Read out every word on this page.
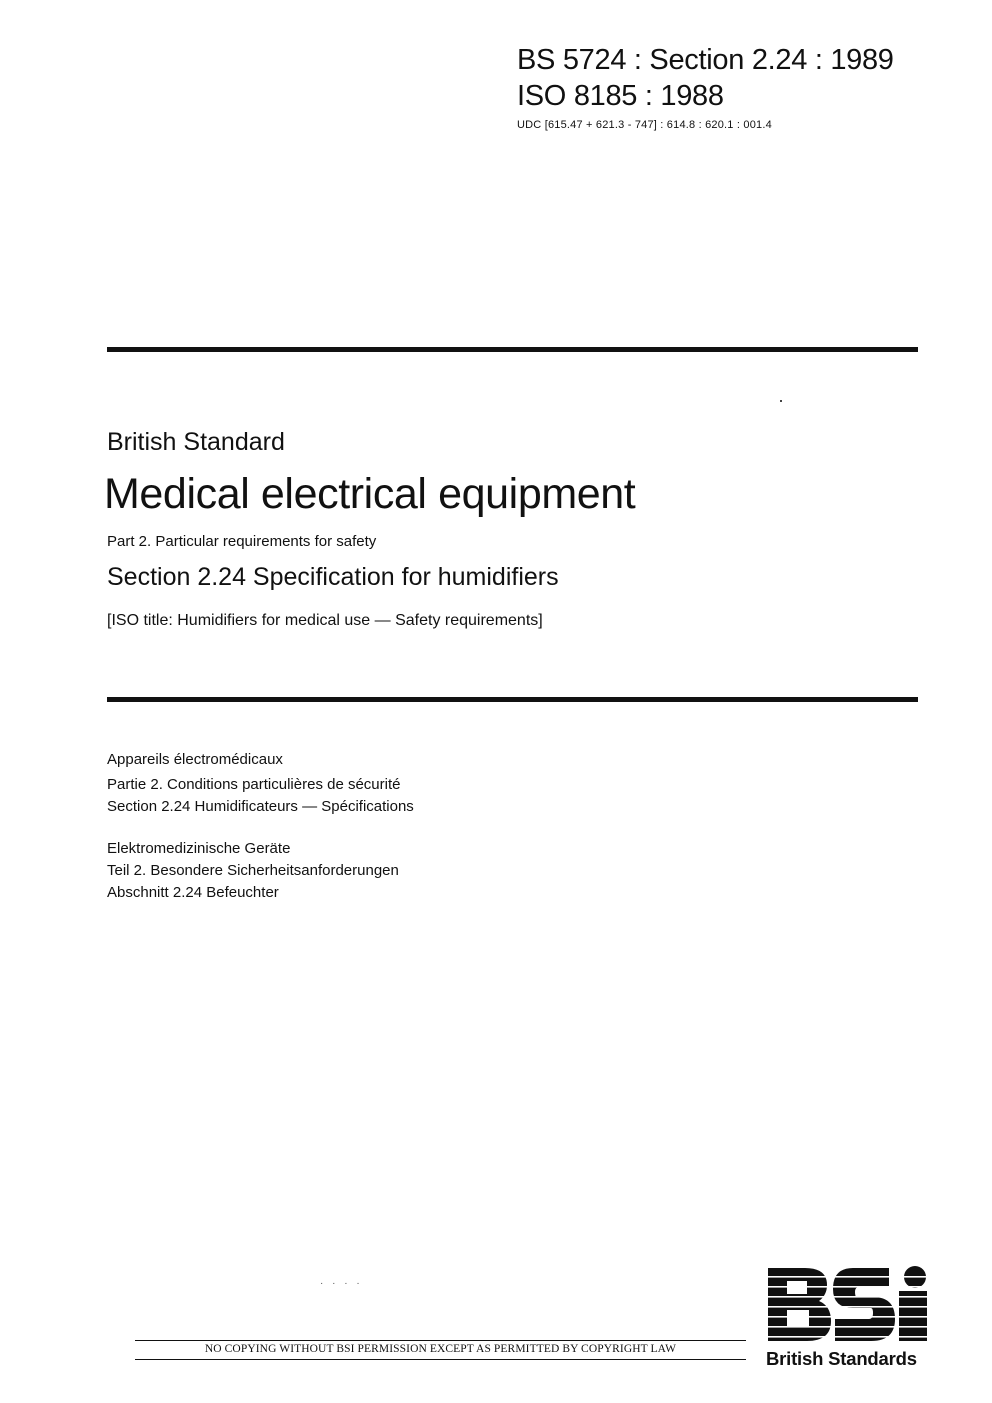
BS 5724 : Section 2.24 : 1989
ISO 8185 : 1988
UDC [615.47 + 621.3 - 747] : 614.8 : 620.1 : 001.4
British Standard
Medical electrical equipment
Part 2. Particular requirements for safety
Section 2.24 Specification for humidifiers
[ISO title: Humidifiers for medical use — Safety requirements]
Appareils électromédicaux
Partie 2. Conditions particulières de sécurité
Section 2.24 Humidificateurs — Spécifications
Elektromedizinische Geräte
Teil 2. Besondere Sicherheitsanforderungen
Abschnitt 2.24 Befeuchter
· · · ·
NO COPYING WITHOUT BSI PERMISSION EXCEPT AS PERMITTED BY COPYRIGHT LAW	British Standards
